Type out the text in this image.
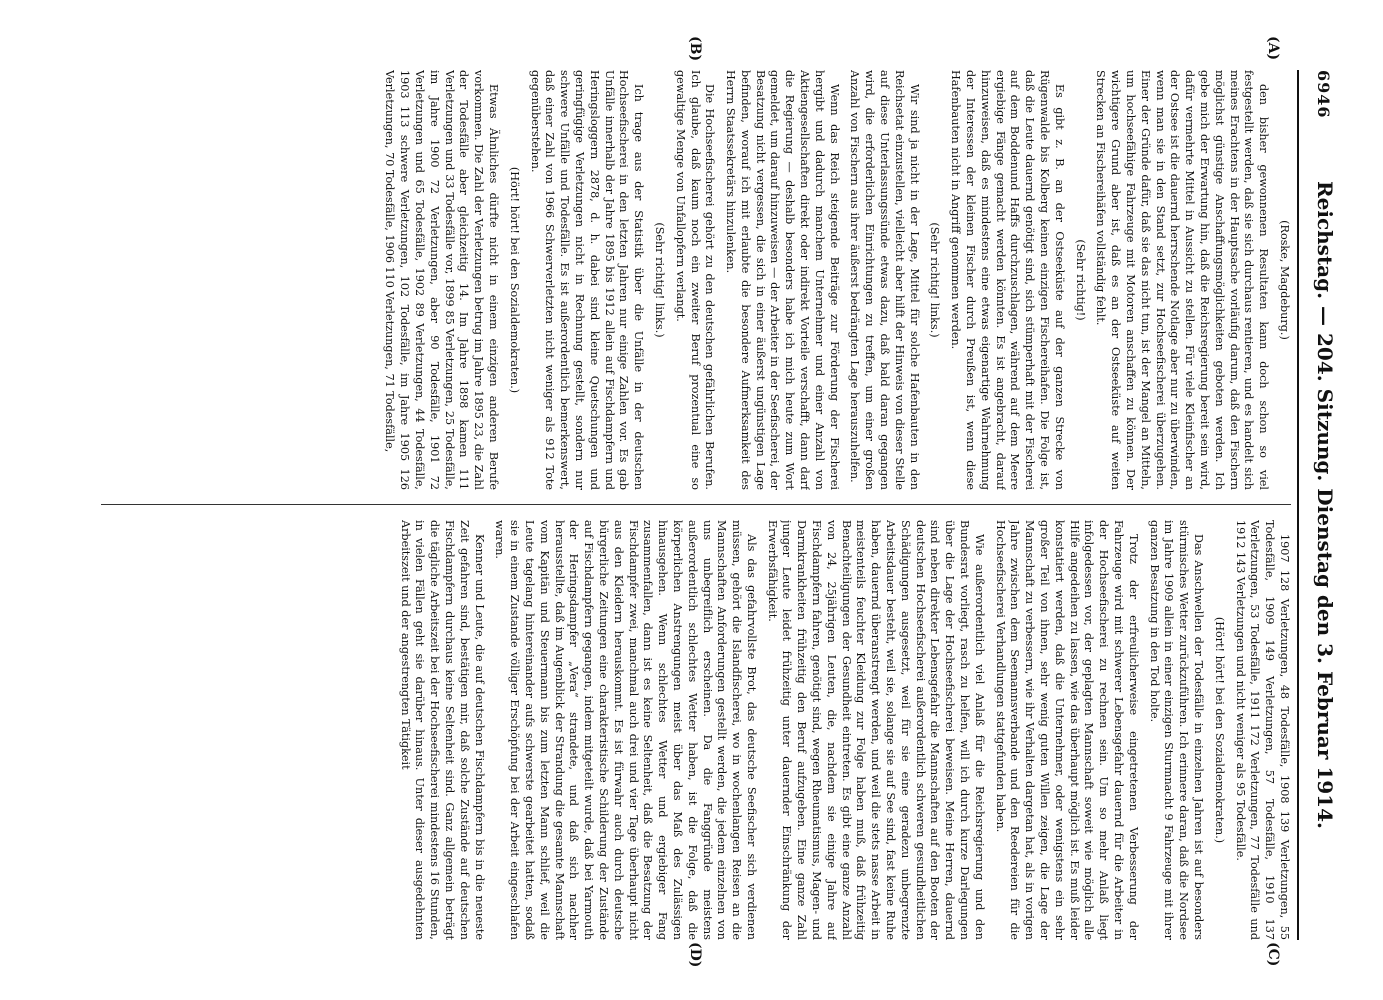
6946
Reichstag. — 204. Sitzung. Dienstag den 3. Februar 1914.
(A)
(C)
(B)
(D)

(Roske, Magdeburg.)

den bisher gewonnenen Resultaten kann doch schon so viel festgestellt werden, daß sie sich durchaus rentieren, und es handelt sich meines Erachtens in der Hauptsache vorläufig darum, daß den Fischern möglichst günstige Anschaffungsmöglichkeiten geboten werden. Ich gebe mich der Erwartung hin, daß die Reichsregierung bereit sein wird, dafür vermehrte Mittel in Aussicht zu stellen. Für viele Kleinfischer an der Ostsee ist die dauernd herrschende Notlage aber nur zu überwinden, wenn man sie in den Stand setzt, zur Hochseefischerei überzugehen. Einer der Gründe dafür, daß sie das nicht tun, ist der Mangel an Mitteln, um hochseefähige Fahrzeuge mit Motoren anschaffen zu können. Der wichtigere Grund aber ist, daß es an der Ostseeküste auf weiten Strecken an Fischereihäfen vollständig fehlt.

(Sehr richtig!)

Es gibt z. B. an der Ostseeküste auf der ganzen Strecke von Rügenwalde bis Kolberg keinen einzigen Fischereihafen. Die Folge ist, daß die Leute dauernd genötigt sind, sich stümperhaft mit der Fischerei auf dem Boddenund Haffs durchzuschlagen, während auf dem Meere ergiebige Fänge gemacht werden könnten. Es ist angebracht, darauf hinzuweisen, daß es mindestens eine etwas eigenartige Wahrnehmung der Interessen der kleinen Fischer durch Preußen ist, wenn diese Hafenbauten nicht in Angriff genommen werden.

(Sehr richtig! links.)

Wir sind ja nicht in der Lage, Mittel für solche Hafenbauten in den Reichsetat einzustellen, vielleicht aber hilft der Hinweis von dieser Stelle auf diese Unterlassungssünde etwas dazu, daß bald daran gegangen wird, die erforderlichen Einrichtungen zu treffen, um einer großen Anzahl von Fischern aus ihrer äußerst bedrängten Lage herauszuhelfen.

Wenn das Reich steigende Beiträge zur Förderung der Fischerei hergibt und dadurch manchem Unternehmer und einer Anzahl von Aktiengesellschaften direkt oder indirekt Vorteile verschafft, dann darf die Regierung — deshalb besonders habe ich mich heute zum Wort gemeldet, um darauf hinzuweisen — der Arbeiter in der Seefischerei, der Besatzung nicht vergessen, die sich in einer äußerst ungünstigen Lage befinden, worauf ich mit erlaubte die besondere Aufmerksamkeit des Herrn Staatssekretärs hinzulenken.

Die Hochseefischerei gehört zu den deutschen gefährlichen Berufen. Ich glaube, daß kaum noch ein zweiter Beruf prozentual eine so gewaltige Menge von Unfallopfern verlangt.

(Sehr richtig! links.)

Ich trage aus der Statistik über die Unfälle in der deutschen Hochseefischerei in den letzten Jahren nur einige Zahlen vor. Es gab Unfälle innerhalb der Jahre 1895 bis 1912 allein auf Fischdampfern und Heringsloggern 2878, d. h. dabei sind kleine Quetschungen und geringfügige Verletzungen nicht in Rechnung gestellt, sondern nur schwere Unfälle und Todesfälle. Es ist außerordentlich bemerkenswert, daß einer Zahl von 1966 Schwerverletzten nicht weniger als 912 Tote gegenüberstehen.

(Hört! hört! bei den Sozialdemokraten.)

Etwas Ähnliches dürfte nicht in einem einzigen anderen Berufe vorkommen. Die Zahl der Verletzungen betrug im Jahre 1895 23, die Zahl der Todesfälle aber gleichzeitig 14. Im Jahre 1898 kamen 111 Verletzungen und 33 Todesfälle vor, 1899 85 Verletzungen, 25 Todesfälle, im Jahre 1900 72 Verletzungen, aber 90 Todesfälle, 1901 72 Verletzungen und 65 Todesfälle, 1902 89 Verletzungen, 44 Todesfälle, 1903 113 schwere Verletzungen, 102 Todesfälle, im Jahre 1905 126 Verletzungen, 70 Todesfälle, 1906 110 Verletzungen, 71 Todesfälle,

1907 128 Verletzungen, 48 Todesfälle, 1908 139 Verletzungen, 55 Todesfälle, 1909 149 Verletzungen, 57 Todesfälle, 1910 137 Verletzungen, 53 Todesfälle, 1911 172 Verletzungen, 77 Todesfälle und 1912 143 Verletzungen und nicht weniger als 95 Todesfälle.

(Hört! hört! bei den Sozialdemokraten.)

Das Anschwellen der Todesfälle in einzelnen Jahren ist auf besonders stürmisches Wetter zurückzuführen. Ich erinnere daran, daß die Nordsee im Jahre 1909 allein in einer einzigen Sturmnacht 9 Fahrzeuge mit ihrer ganzen Besatzung in den Tod holte.

Trotz der erfreulicherweise eingetretenen Verbesserung der Fahrzeuge wird mit schwerer Lebensgefahr dauernd für die Arbeiter in der Hochseefischerei zu rechnen sein. Um so mehr Anlaß liegt infolgedessen vor, der geplagten Mannschaft soweit wie möglich alle Hilfe angedeihen zu lassen, wie das überhaupt möglich ist. Es muß leider konstatiert werden, daß die Unternehmer, oder wenigstens ein sehr großer Teil von ihnen, sehr wenig guten Willen zeigen, die Lage der Mannschaft zu verbessern, wie ihr Verhalten dargetan hat, als in vorigen Jahre zwischen dem Seemannsverbande und den Reedereien für die Hochseefischerei Verhandlungen stattgefunden haben.

Wie außerordentlich viel Anlaß für die Reichsregierung und den Bundesrat vorliegt, rasch zu helfen, will ich durch kurze Darlegungen über die Lage der Hochseefischerei beweisen. Meine Herren, dauernd sind neben direkter Lebensgefahr die Mannschaften auf den Booten der deutschen Hochseefischerei außerordentlich schweren gesundheitlichen Schädigungen ausgesetzt, weil für sie eine geradezu unbegrenzte Arbeitsdauer besteht, weil sie, solange sie auf See sind, fast keine Ruhe haben, dauernd überanstrengt werden, und weil die stets nasse Arbeit in meistenteils feuchter Kleidung zur Folge haben muß, daß frühzeitig Benachteiligungen der Gesundheit eintreten. Es gibt eine ganze Anzahl von 24, 25jährigen Leuten, die, nachdem sie einige Jahre auf Fischdampfern fahren, genötigt sind, wegen Rheumatismus, Magen- und Darmkrankheiten frühzeitig den Beruf aufzugeben. Eine ganze Zahl junger Leute leidet frühzeitig unter dauernder Einschränkung der Erwerbsfähigkeit.

Als das gefahrvollste Brot, das deutsche Seefischer sich verdienen müssen, gehört die Islandfischerei, wo in wochenlangen Reisen an die Mannschaften Anforderungen gestellt werden, die jedem einzelnen von uns unbegreiflich erscheinen. Da die Fanggründe meistens außerordentlich schlechtes Wetter haben, ist die Folge, daß die körperlichen Anstrengungen meist über das Maß des Zulässigen hinausgehen. Wenn schlechtes Wetter und ergiebiger Fang zusammenfallen, dann ist es keine Seltenheit, daß die Besatzung der Fischdampfer zwei, manchmal auch drei und vier Tage überhaupt nicht aus den Kleidern herauskommt. Es ist fürwahr auch durch deutsche bürgerliche Zeitungen eine charakteristische Schilderung der Zustände auf Fischdampfern gegangen, indem mitgeteilt wurde, daß bei Yarmouth der Heringsdampfer „Vera“ strandete, und daß sich nachher herausstellte, daß im Augenblick der Strandung die gesamte Mannschaft vom Kapitän und Steuermann bis zum letzten Mann schlief, weil die Leute tagelang hintereinander aufs schwerste gearbeitet hatten, sodaß sie in einem Zustande völliger Erschöpfung bei der Arbeit eingeschlafen waren.

Kenner und Leute, die auf deutschen Fischdampfern bis in die neueste Zeit gefahren sind, bestätigen mir, daß solche Zustände auf deutschen Fischdampfern durchaus keine Seltenheit sind. Ganz allgemein beträgt die tägliche Arbeitszeit bei der Hochseefischerei mindestens 16 Stunden, in vielen Fällen geht sie darüber hinaus. Unter dieser ausgedehnten Arbeitszeit und der angestrengten Tätigkeit
